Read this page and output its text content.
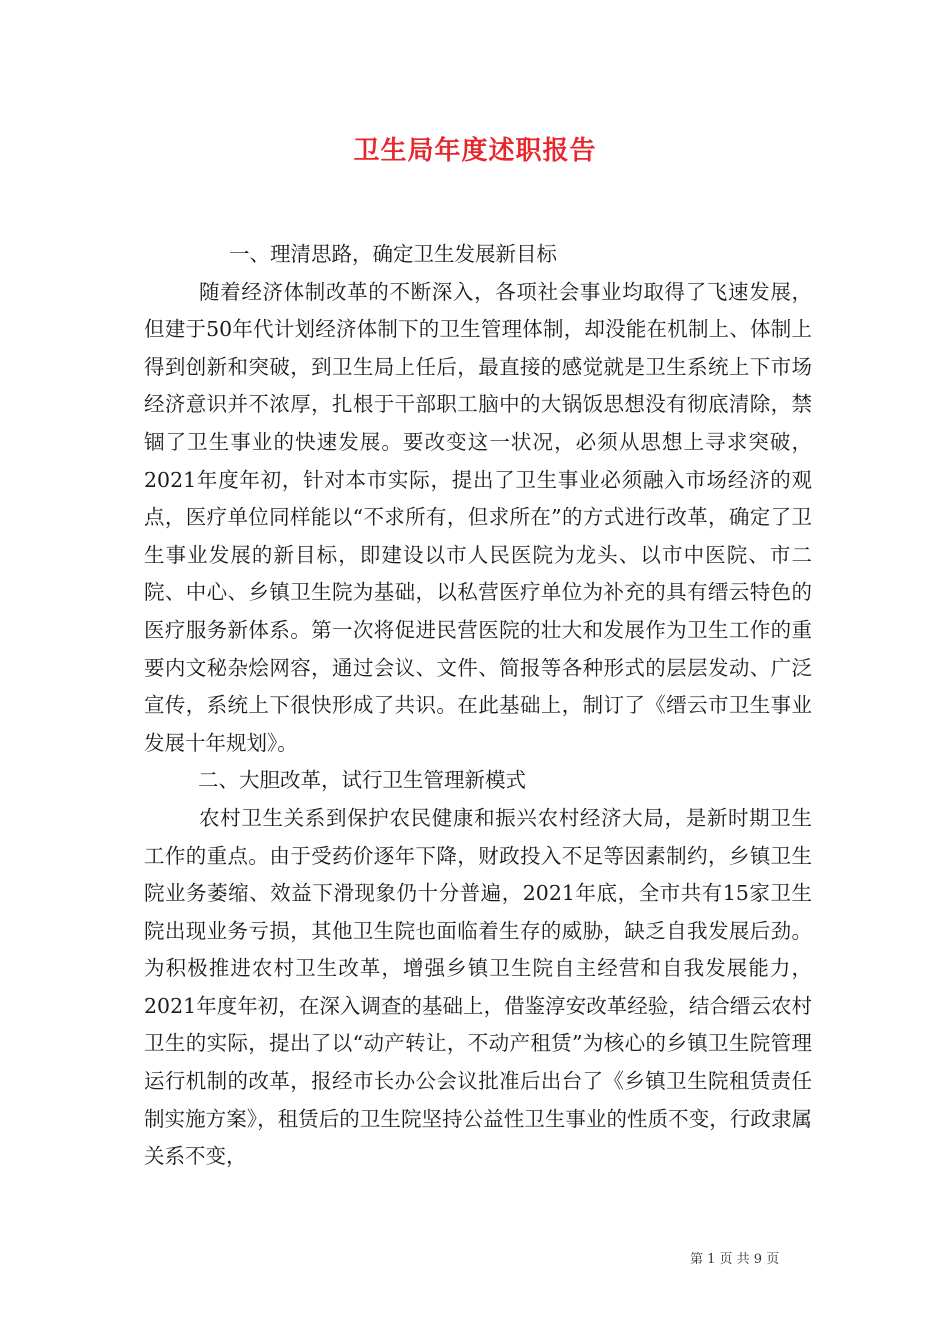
卫生局年度述职报告

一、理清思路，确定卫生发展新目标

随着经济体制改革的不断深入，各项社会事业均取得了飞速发展，但建于50年代计划经济体制下的卫生管理体制，却没能在机制上、体制上得到创新和突破，到卫生局上任后，最直接的感觉就是卫生系统上下市场经济意识并不浓厚，扎根于干部职工脑中的大锅饭思想没有彻底清除，禁锢了卫生事业的快速发展。要改变这一状况，必须从思想上寻求突破，2021年度年初，针对本市实际，提出了卫生事业必须融入市场经济的观点，医疗单位同样能以“不求所有，但求所在”的方式进行改革，确定了卫生事业发展的新目标，即建设以市人民医院为龙头、以市中医院、市二院、中心、乡镇卫生院为基础，以私营医疗单位为补充的具有缙云特色的医疗服务新体系。第一次将促进民营医院的壮大和发展作为卫生工作的重要内文秘杂烩网容，通过会议、文件、简报等各种形式的层层发动、广泛宣传，系统上下很快形成了共识。在此基础上，制订了《缙云市卫生事业发展十年规划》。

二、大胆改革，试行卫生管理新模式

农村卫生关系到保护农民健康和振兴农村经济大局，是新时期卫生工作的重点。由于受药价逐年下降，财政投入不足等因素制约，乡镇卫生院业务萎缩、效益下滑现象仍十分普遍，2021年底，全市共有15家卫生院出现业务亏损，其他卫生院也面临着生存的威胁，缺乏自我发展后劲。为积极推进农村卫生改革，增强乡镇卫生院自主经营和自我发展能力，2021年度年初，在深入调查的基础上，借鉴淳安改革经验，结合缙云农村卫生的实际，提出了以“动产转让，不动产租赁”为核心的乡镇卫生院管理运行机制的改革，报经市长办公会议批准后出台了《乡镇卫生院租赁责任制实施方案》，租赁后的卫生院坚持公益性卫生事业的性质不变，行政隶属关系不变，

第 1 页 共 9 页
